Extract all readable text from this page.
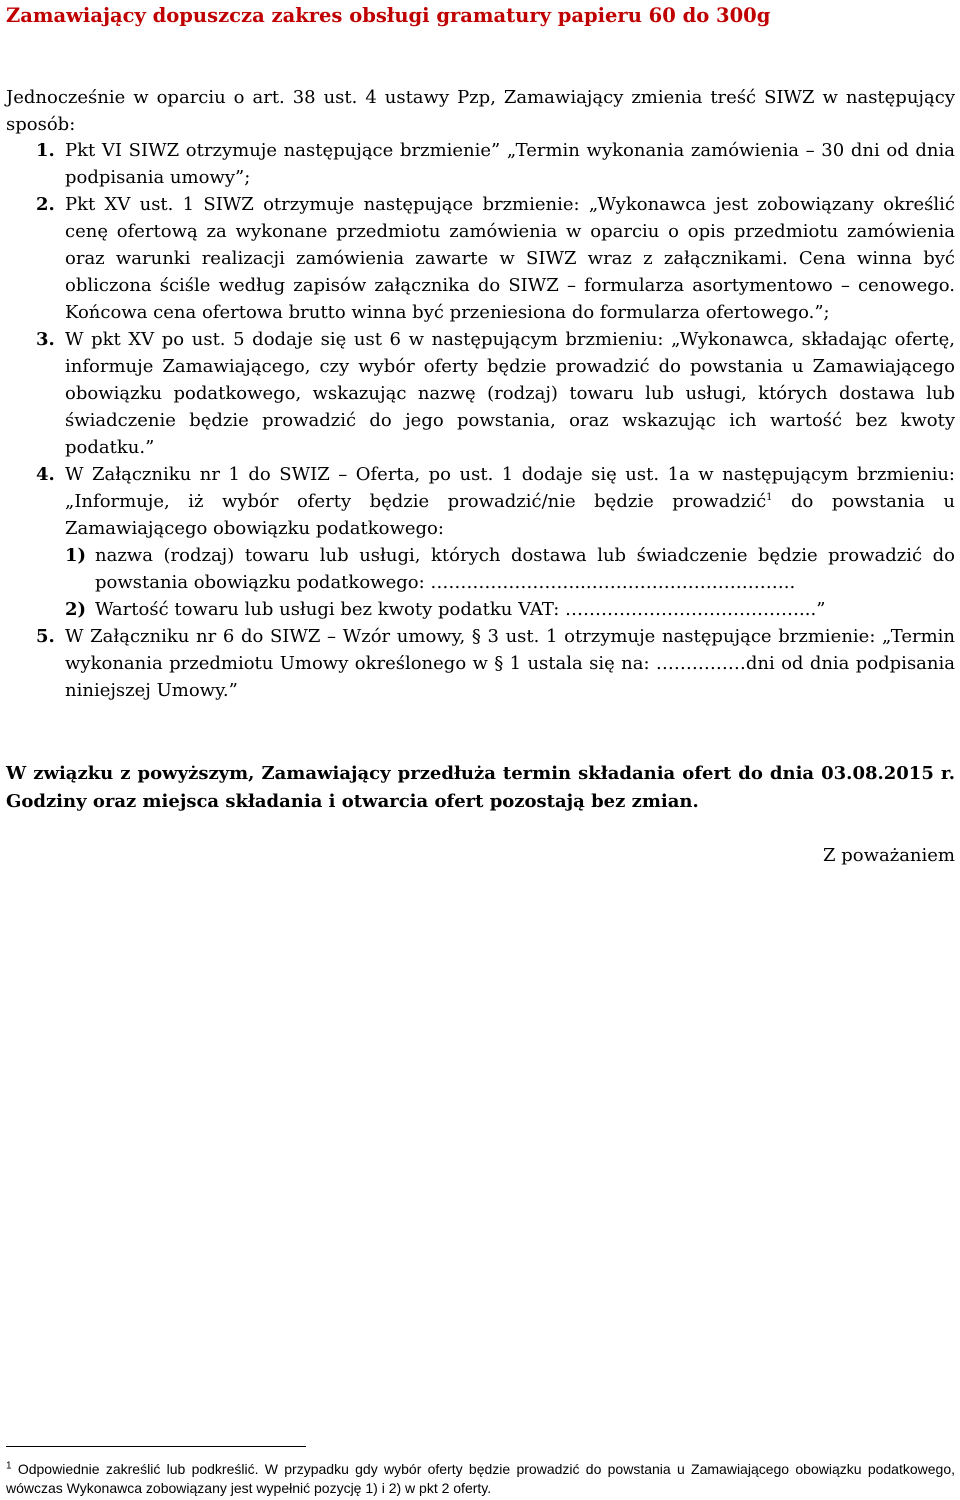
Zamawiający dopuszcza zakres obsługi gramatury papieru 60 do 300g
Jednocześnie w oparciu o art. 38 ust. 4 ustawy Pzp, Zamawiający zmienia treść SIWZ w następujący sposób:
1. Pkt VI SIWZ otrzymuje następujące brzmienie” „Termin wykonania zamówienia – 30 dni od dnia podpisania umowy”;
2. Pkt XV ust. 1 SIWZ otrzymuje następujące brzmienie: „Wykonawca jest zobowiązany określić cenę ofertową za wykonane przedmiotu zamówienia w oparciu o opis przedmiotu zamówienia oraz warunki realizacji zamówienia zawarte w SIWZ wraz z załącznikami. Cena winna być obliczona ściśle według zapisów załącznika do SIWZ – formularza asortymentowo – cenowego. Końcowa cena ofertowa brutto winna być przeniesiona do formularza ofertowego.”;
3. W pkt XV po ust. 5 dodaje się ust 6 w następującym brzmieniu: „Wykonawca, składając ofertę, informuje Zamawiającego, czy wybór oferty będzie prowadzić do powstania u Zamawiającego obowiązku podatkowego, wskazując nazwę (rodzaj) towaru lub usługi, których dostawa lub świadczenie będzie prowadzić do jego powstania, oraz wskazując ich wartość bez kwoty podatku.”
4. W Załączniku nr 1 do SWIZ – Oferta, po ust. 1 dodaje się ust. 1a w następującym brzmieniu: „Informuje, iż wybór oferty będzie prowadzić/nie będzie prowadzić$^1$ do powstania u Zamawiającego obowiązku podatkowego:
1) nazwa (rodzaj) towaru lub usługi, których dostawa lub świadczenie będzie prowadzić do powstania obowiązku podatkowego: ……………………..……………………………..
2) Wartość towaru lub usługi bez kwoty podatku VAT: …………………………………...”
5. W Załączniku nr 6 do SIWZ – Wzór umowy, § 3 ust. 1 otrzymuje następujące brzmienie: „Termin wykonania przedmiotu Umowy określonego w § 1 ustala się na: ……………dni od dnia podpisania niniejszej Umowy.”
W związku z powyższym, Zamawiający przedłuża termin składania ofert do dnia 03.08.2015 r. Godziny oraz miejsca składania i otwarcia ofert pozostają bez zmian.
Z poważaniem
$^1$ Odpowiednie zakreślić lub podkreślić. W przypadku gdy wybór oferty będzie prowadzić do powstania u Zamawiającego obowiązku podatkowego, wówczas Wykonawca zobowiązany jest wypełnić pozycję 1) i 2) w pkt 2 oferty.
